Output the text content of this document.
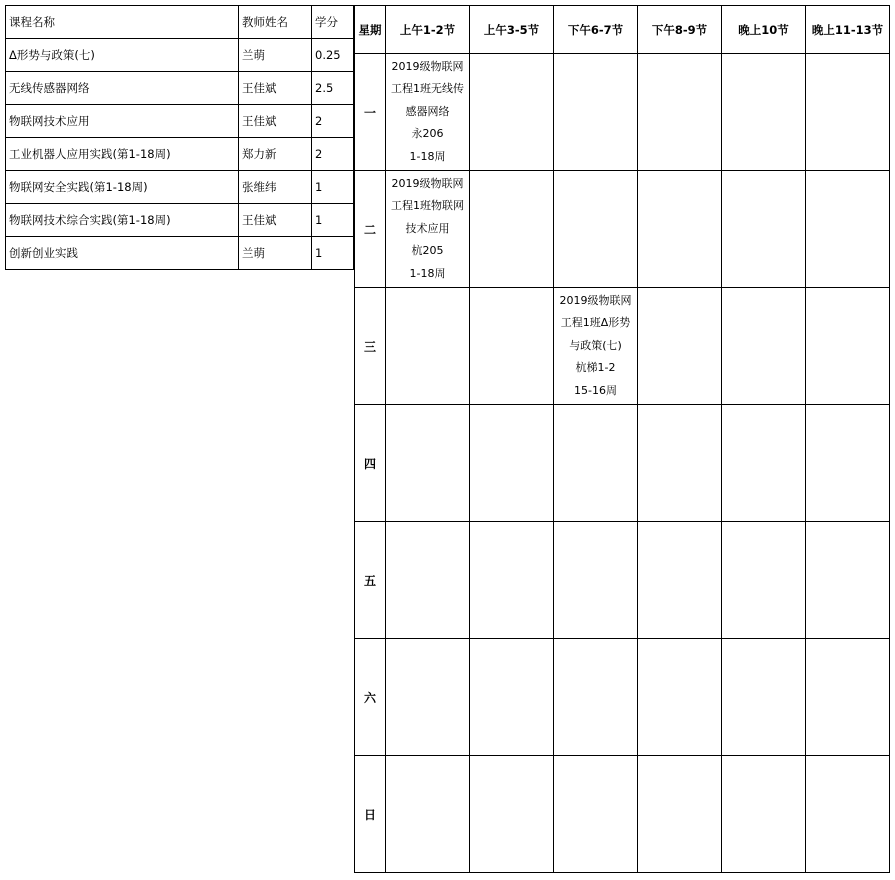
课程名称	教师姓名	学分
Δ形势与政策(七)	兰萌	0.25
无线传感器网络	王佳斌	2.5
物联网技术应用	王佳斌	2
工业机器人应用实践(第1-18周)	郑力新	2
物联网安全实践(第1-18周)	张维纬	1
物联网技术综合实践(第1-18周)	王佳斌	1
创新创业实践	兰萌	1
星期	上午1-2节	上午3-5节	下午6-7节	下午8-9节	晚上10节	晚上11-13节
一	2019级物联网
工程1班无线传
感器网络
永206
1-18周					

二	2019级物联网
工程1班物联网
技术应用
杭205
1-18周					

三			2019级物联网
工程1班Δ形势
与政策(七)
杭梯1-2
15-16周			

四						
五						
六						
日						
